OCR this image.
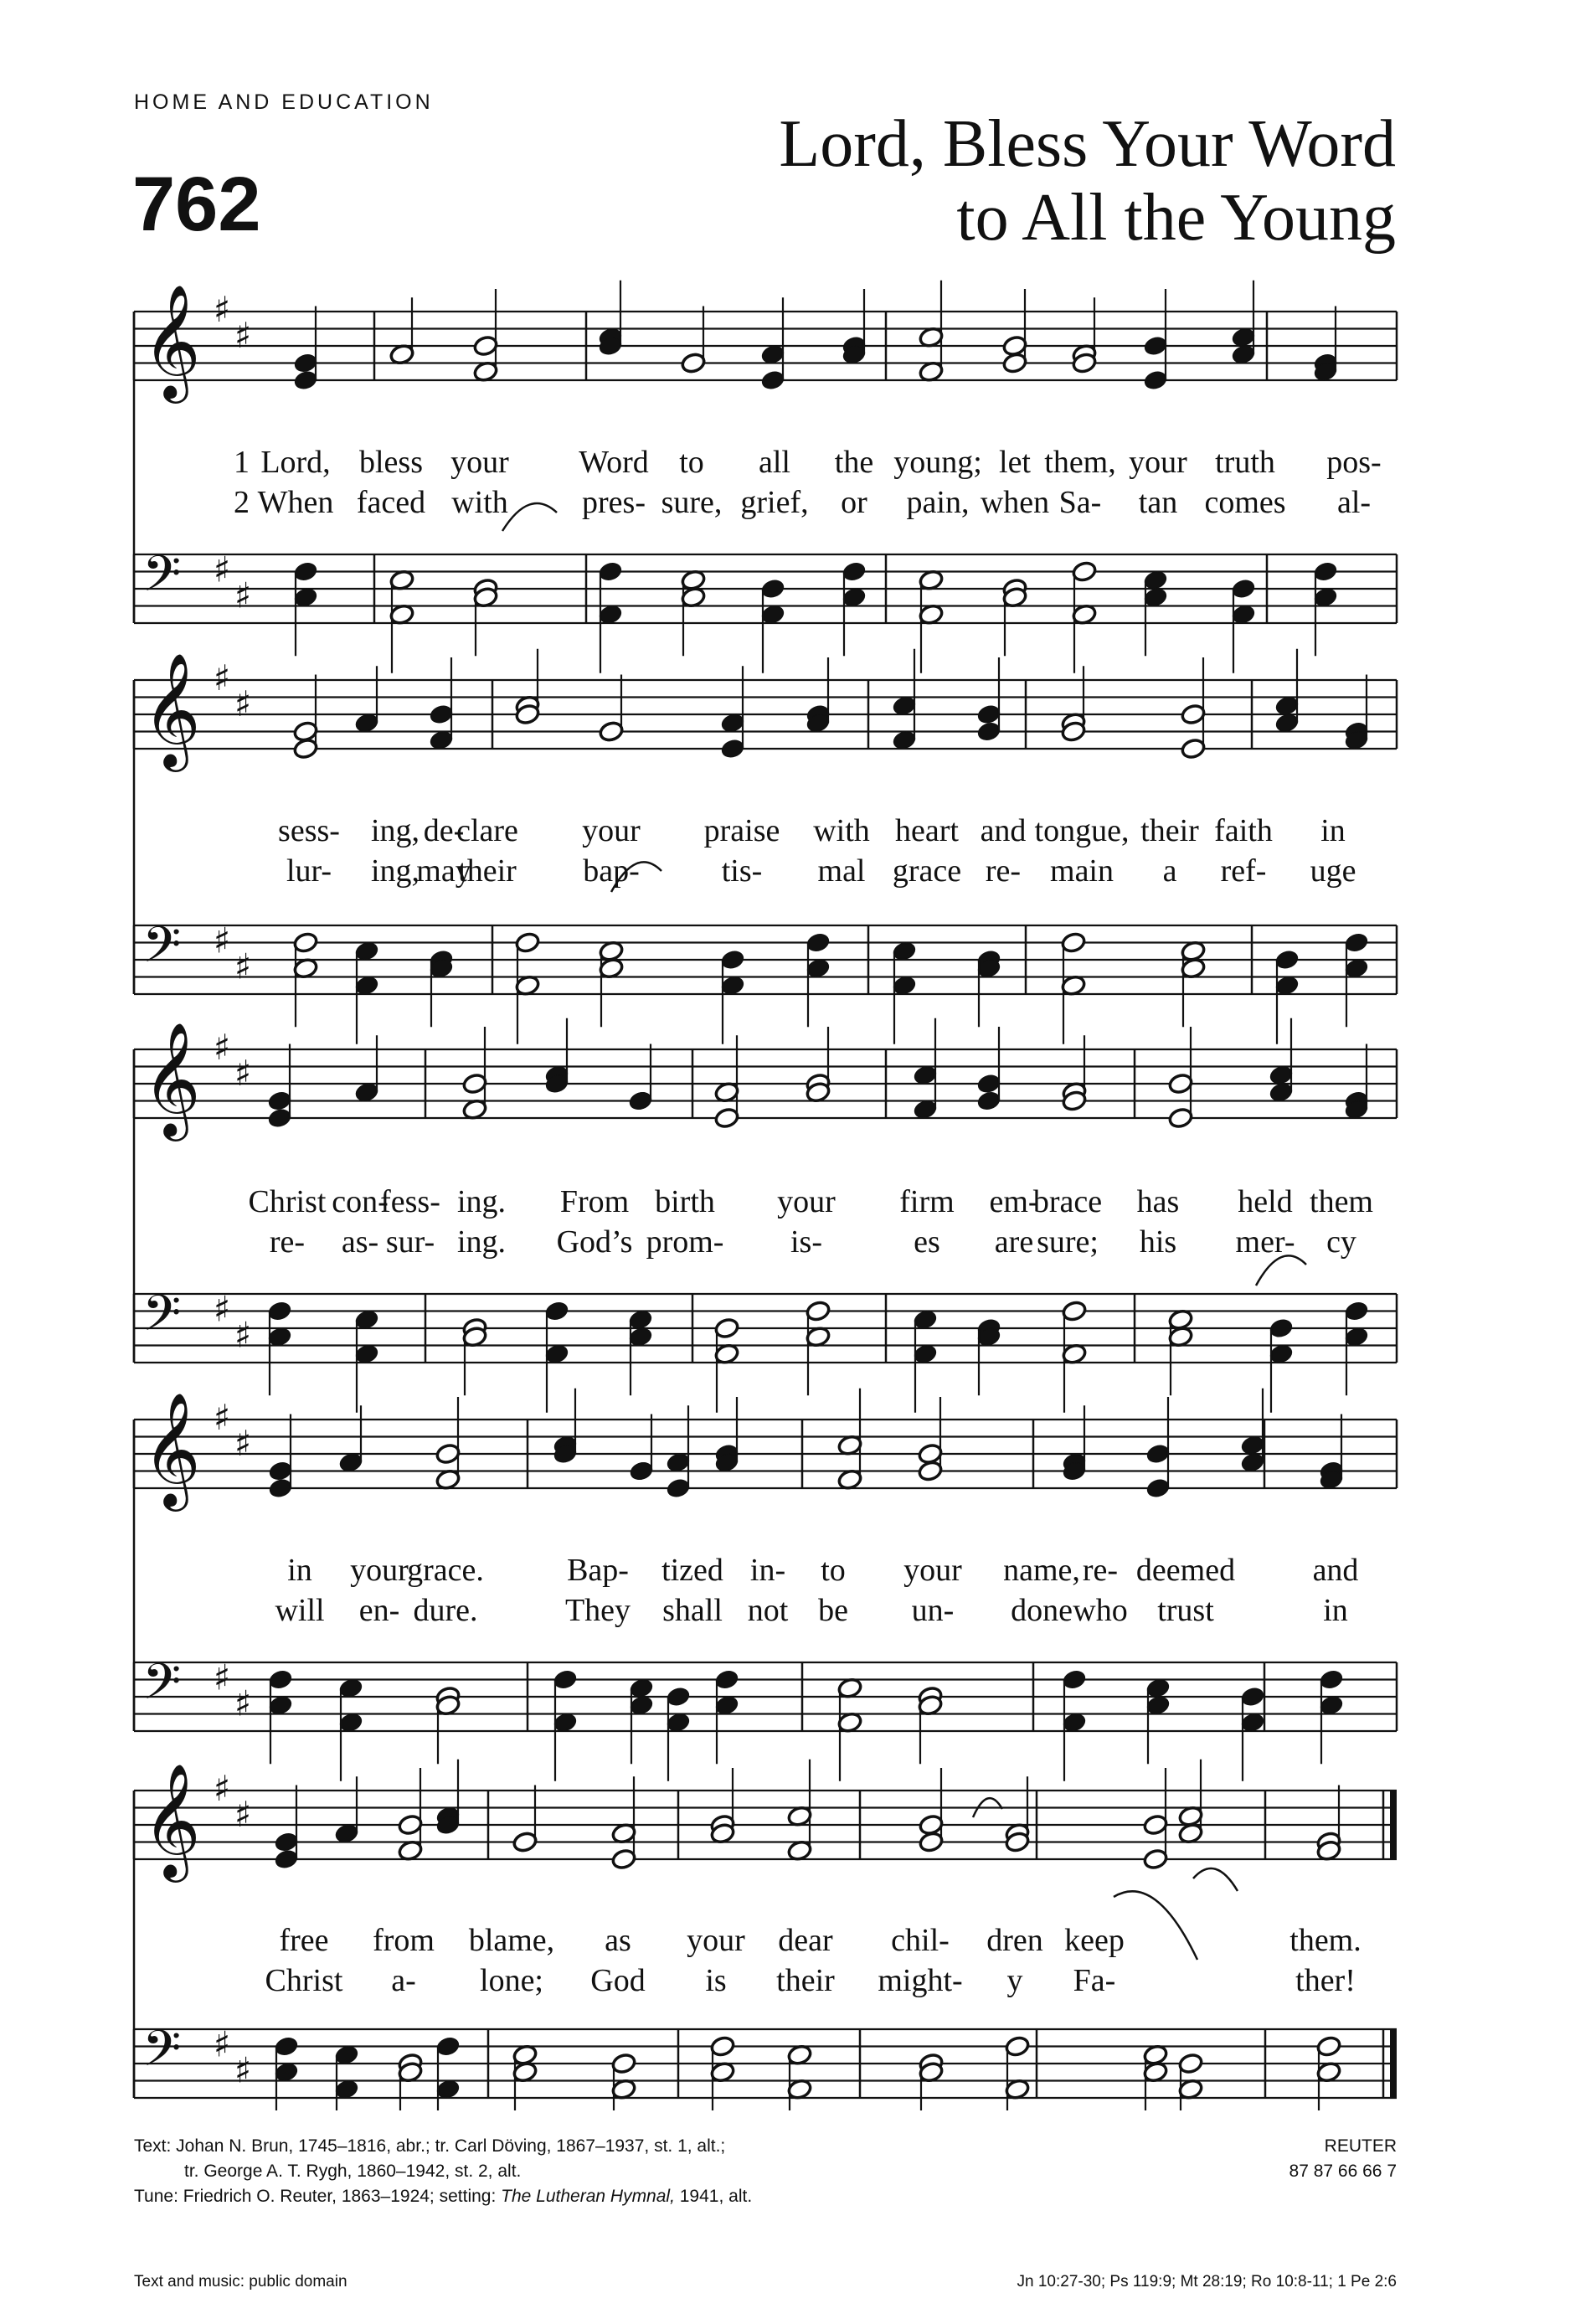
HOME AND EDUCATION
762
Lord, Bless Your Word
to All the Young
𝄞 ♯
♯
𝄢 ♯
♯
𝄞 ♯
♯
𝄢 ♯
♯
𝄞 ♯
♯
𝄢 ♯
♯
𝄞 ♯
♯
𝄢 ♯
♯
𝄞 ♯
♯
𝄢 ♯
♯
1 Lord, bless your Word to all the young; let them, your truth pos-
2 When faced with pres- sure, grief, or pain, when Sa- tan comes al-
sess- ing, de-
clare your praise with heart and tongue, their faith in
lur- ing,
may
their bap-	tis- mal grace re- main a ref- uge
Christ con-
fess- ing. From birth your firm em-
brace has held them
re- as- sur- ing. God’s prom- is-	es are sure; his mer- cy
in your
grace.	Bap- tized in- to your name, re- deemed and
will en- dure.	They shall not be un- done who trust	in
free from blame, as your dear chil- dren keep	them.
Christ a- lone; God is their might- y Fa-	ther!
Text: Johan N. Brun, 1745–1816, abr.; tr. Carl Döving, 1867–1937, st. 1, alt.;
tr. George A. T. Rygh, 1860–1942, st. 2, alt.
Tune: Friedrich O. Reuter, 1863–1924; setting: The Lutheran Hymnal, 1941, alt.
REUTER
87 87 66 66 7
Text and music: public domain	Jn 10:27-30; Ps 119:9; Mt 28:19; Ro 10:8-11; 1 Pe 2:6
